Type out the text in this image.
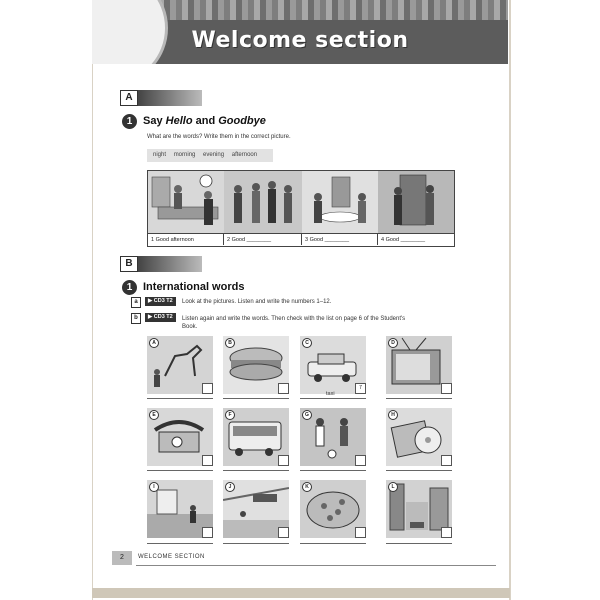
Welcome section
A
1 Say Hello and Goodbye
What are the words? Write them in the correct picture.
night morning evening afternoon
1 Good afternoon	2 Good ________	3 Good ________	4 Good ________
B
1 International words
a	▶ CD3 T2	Look at the pictures. Listen and write the numbers 1–12.
b	▶ CD3 T2	Listen again and write the words. Then check with the list on page 6 of the Student's Book.
A	B	C
7
D
taxi
E	F	G	H
I	J	K	L
2	WELCOME SECTION
